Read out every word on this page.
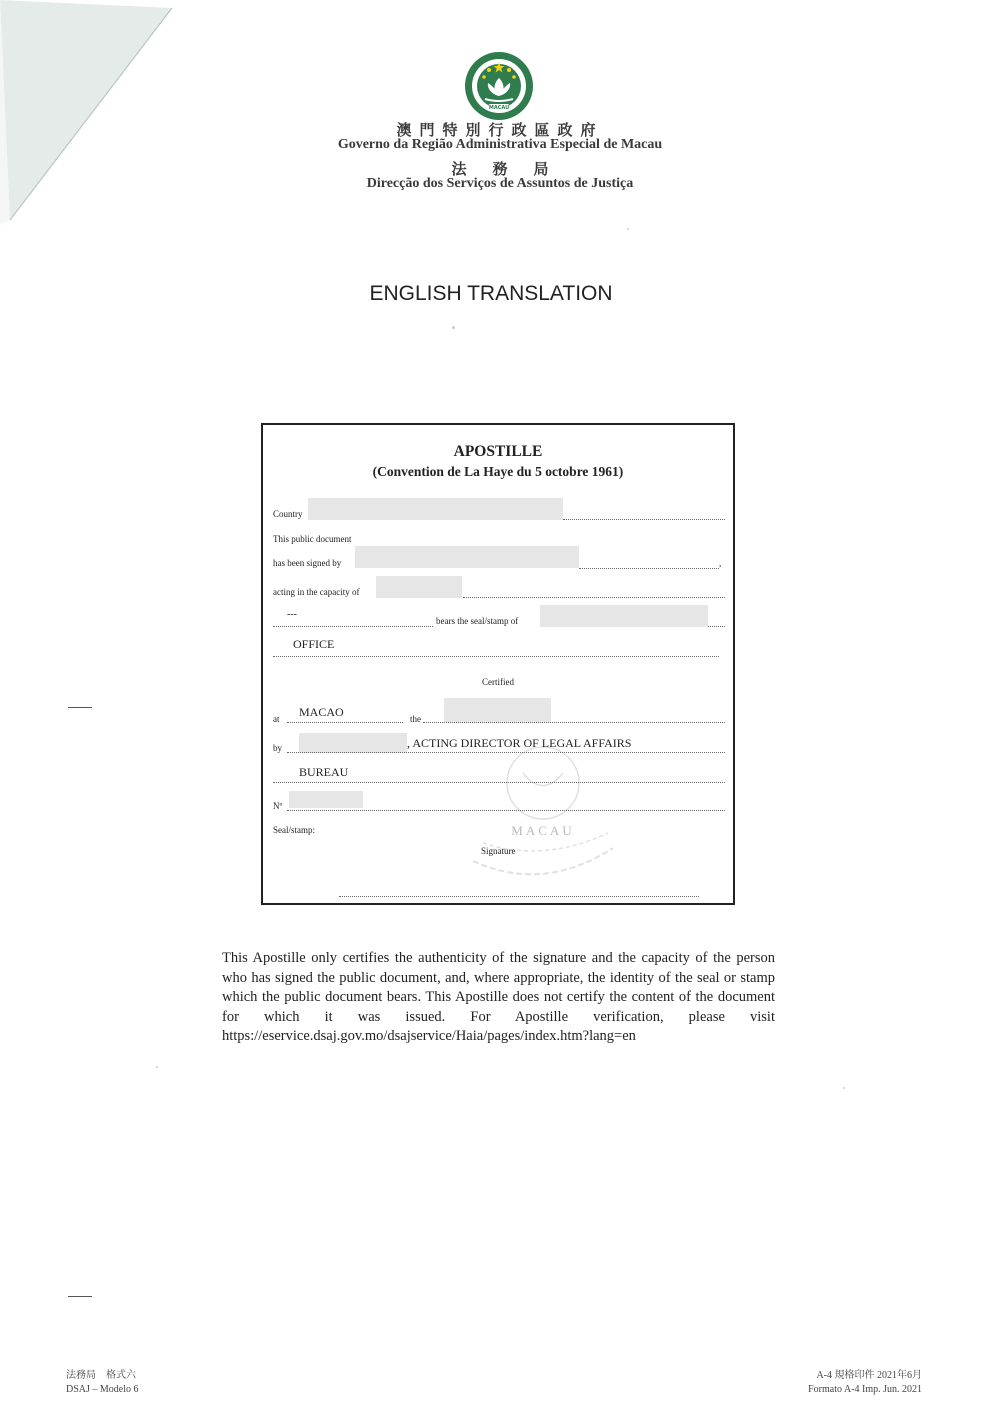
MACAU
澳門特別行政區政府
Governo da Região Administrativa Especial de Macau
法務局
Direcção dos Serviços de Assuntos de Justiça
ENGLISH TRANSLATION
MACAU
APOSTILLE
(Convention de La Haye du 5 octobre 1961)
Country
This public document
has been signed by	,
acting in the capacity of
---
bears the seal/stamp of
OFFICE
Certified
at MACAO	the
by	, ACTING DIRECTOR OF LEGAL AFFAIRS
BUREAU
Nº
Seal/stamp:
Signature
This Apostille only certifies the authenticity of the signature and the capacity of the person who has signed the public document, and, where appropriate, the identity of the seal or stamp which the public document bears. This Apostille does not certify the content of the document for which it was issued. For Apostille verification, please visit https://eservice.dsaj.gov.mo/dsajservice/Haia/pages/index.htm?lang=en
法務局　格式六
DSAJ – Modelo 6
A-4 規格印件 2021年6月
Formato A-4 Imp. Jun. 2021
